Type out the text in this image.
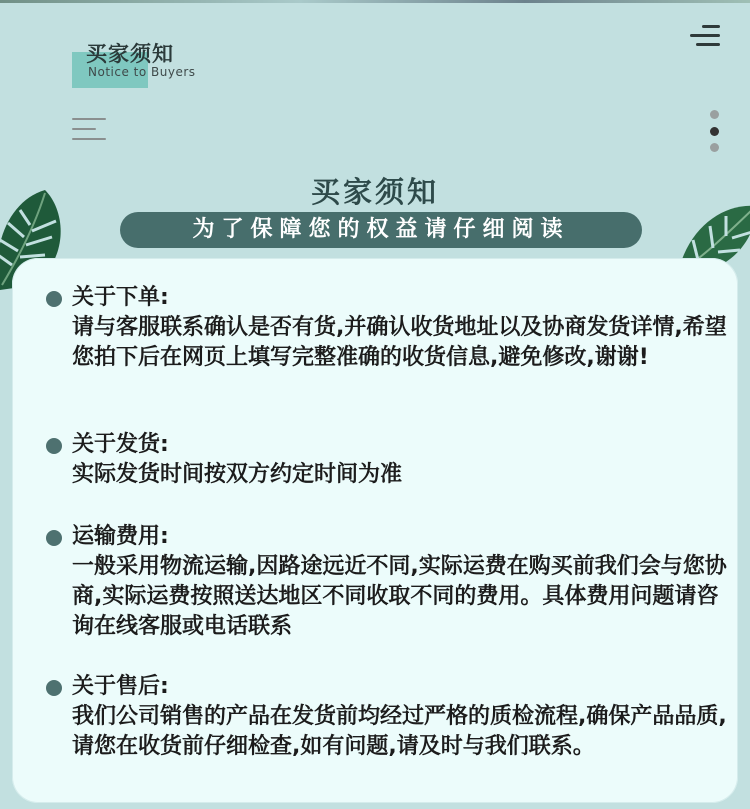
买家须知
Notice to Buyers
买家须知
为了保障您的权益请仔细阅读
关于下单:
请与客服联系确认是否有货,并确认收货地址以及协商发货详情,希望您拍下后在网页上填写完整准确的收货信息,避免修改,谢谢!
关于发货:
实际发货时间按双方约定时间为准
运输费用:
一般采用物流运输,因路途远近不同,实际运费在购买前我们会与您协商,实际运费按照送达地区不同收取不同的费用。具体费用问题请咨询在线客服或电话联系
关于售后:
我们公司销售的产品在发货前均经过严格的质检流程,确保产品品质,请您在收货前仔细检查,如有问题,请及时与我们联系。
